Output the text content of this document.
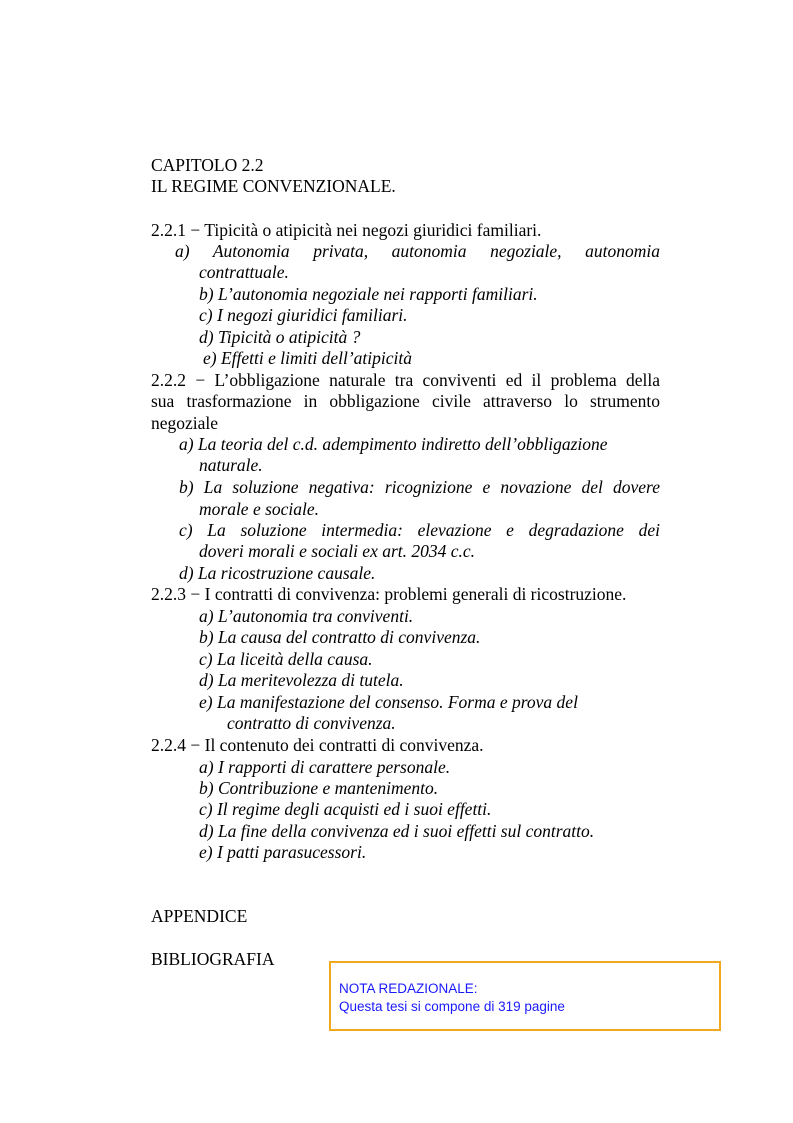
CAPITOLO 2.2
IL REGIME CONVENZIONALE.
2.2.1 − Tipicità o atipicità nei negozi giuridici familiari.
a) Autonomia privata, autonomia negoziale, autonomia
contrattuale.
b) L’autonomia negoziale nei rapporti familiari.
c) I negozi giuridici familiari.
d) Tipicità o atipicità ?
e) Effetti e limiti dell’atipicità
2.2.2 − L’obbligazione naturale tra conviventi ed il problema della
sua trasformazione in obbligazione civile attraverso lo strumento
negoziale
a) La teoria del c.d. adempimento indiretto dell’obbligazione
naturale.
b) La soluzione negativa: ricognizione e novazione del dovere
morale e sociale.
c) La soluzione intermedia: elevazione e degradazione dei
doveri morali e sociali ex art. 2034 c.c.
d) La ricostruzione causale.
2.2.3 − I contratti di convivenza: problemi generali di ricostruzione.
a) L’autonomia tra conviventi.
b) La causa del contratto di convivenza.
c) La liceità della causa.
d) La meritevolezza di tutela.
e) La manifestazione del consenso. Forma e prova del
contratto di convivenza.
2.2.4 − Il contenuto dei contratti di convivenza.
a) I rapporti di carattere personale.
b) Contribuzione e mantenimento.
c) Il regime degli acquisti ed i suoi effetti.
d) La fine della convivenza ed i suoi effetti sul contratto.
e) I patti parasucessori.
APPENDICE
BIBLIOGRAFIA
NOTA REDAZIONALE:
Questa tesi si compone di 319 pagine
